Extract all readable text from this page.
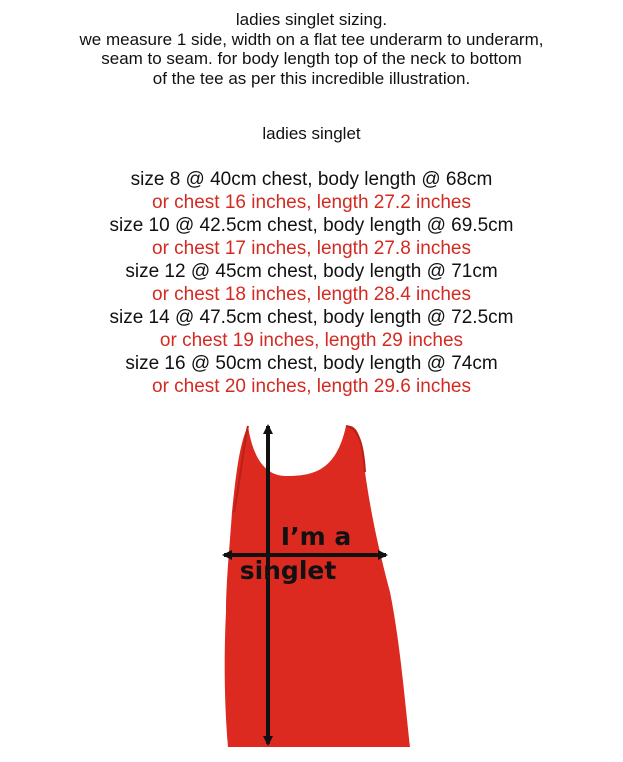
ladies singlet sizing.
we measure 1 side, width on a flat tee underarm to underarm,
seam to seam. for body length top of the neck to bottom
of the tee as per this incredible illustration.
ladies singlet
size 8 @ 40cm chest, body length @ 68cm
or chest 16 inches, length 27.2 inches
size 10 @ 42.5cm chest, body length @ 69.5cm
or chest 17 inches, length 27.8 inches
size 12 @ 45cm chest, body length @ 71cm
or chest 18 inches, length 28.4 inches
size 14 @ 47.5cm chest, body length @ 72.5cm
or chest 19 inches, length 29 inches
size 16 @ 50cm chest, body length @ 74cm
or chest 20 inches, length 29.6 inches
I’m a
singlet
